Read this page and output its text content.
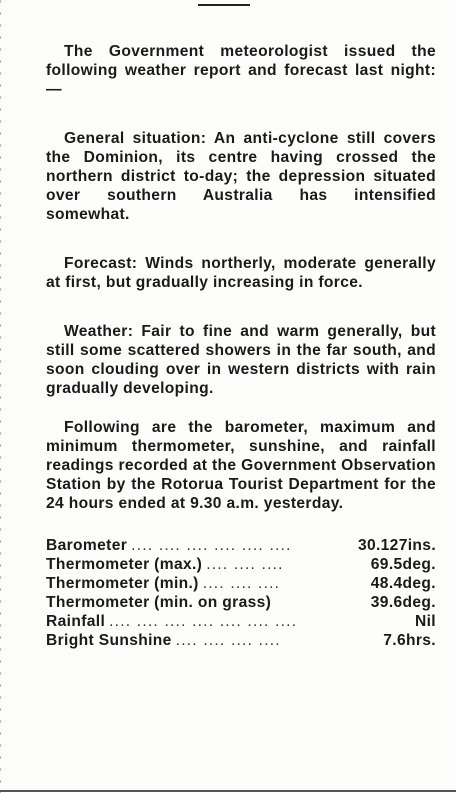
The Government meteorologist issued the following weather report and forecast last night:—

General situation: An anti-cyclone still covers the Dominion, its centre having crossed the northern district to-day; the depression situated over southern Australia has intensified somewhat.

Forecast: Winds northerly, moderate generally at first, but gradually increasing in force.

Weather: Fair to fine and warm generally, but still some scattered showers in the far south, and soon clouding over in western districts with rain gradually developing.

Following are the barometer, maximum and minimum thermometer, sunshine, and rainfall readings recorded at the Government Observation Station by the Rotorua Tourist Department for the 24 hours ended at 9.30 a.m. yesterday.

Barometer .... .... .... .... .... ....	30.127ins.
Thermometer (max.) .... .... ....	69.5deg.
Thermometer (min.) .... .... ....	48.4deg.
Thermometer (min. on grass)	39.6deg.
Rainfall .... .... .... .... .... .... ....	Nil
Bright Sunshine .... .... .... ....	7.6hrs.
